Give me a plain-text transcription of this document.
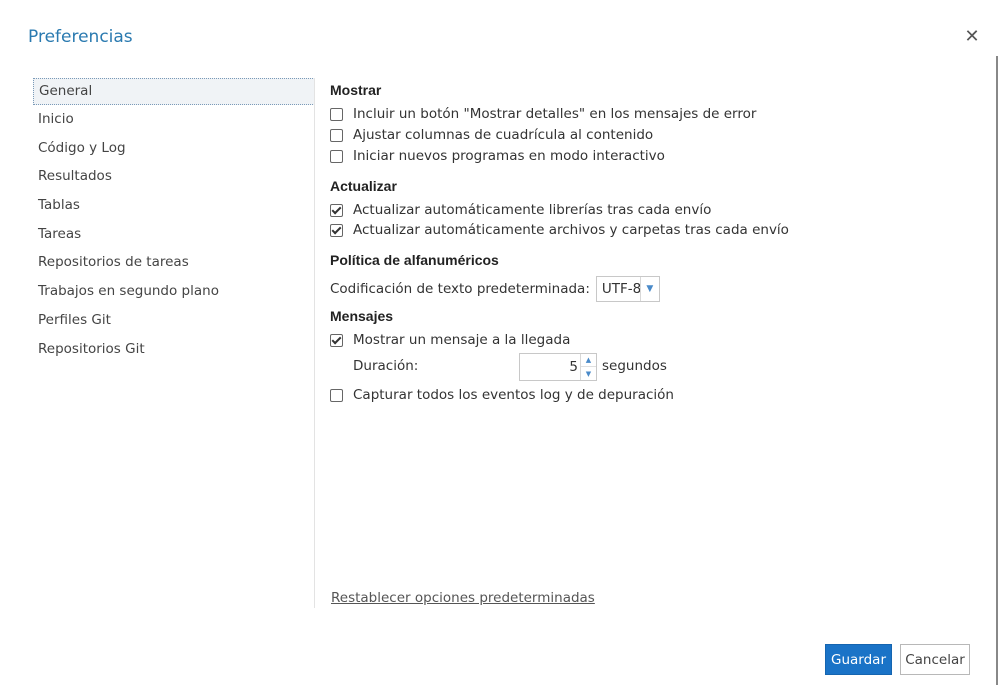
Preferencias	✕
General
Inicio
Código y Log
Resultados
Tablas
Tareas
Repositorios de tareas
Trabajos en segundo plano
Perfiles Git
Repositorios Git
Mostrar
Incluir un botón "Mostrar detalles" en los mensajes de error
Ajustar columnas de cuadrícula al contenido
Iniciar nuevos programas en modo interactivo
Actualizar
Actualizar automáticamente librerías tras cada envío
Actualizar automáticamente archivos y carpetas tras cada envío
Política de alfanuméricos
Codificación de texto predeterminada: UTF-8 ▼
Mensajes
Mostrar un mensaje a la llegada
Duración:	5	▲
▼ segundos
Capturar todos los eventos log y de depuración
Restablecer opciones predeterminadas
Guardar	Cancelar
